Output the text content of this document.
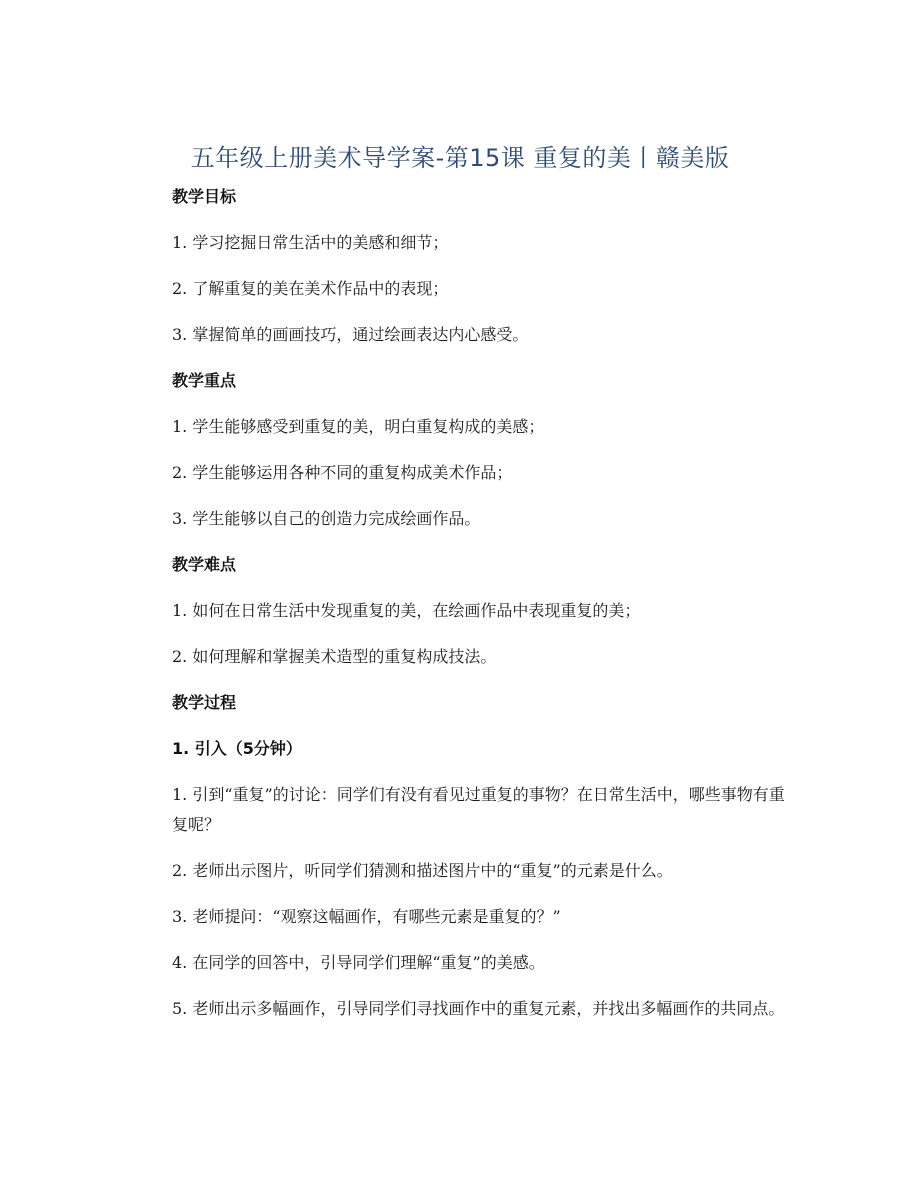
五年级上册美术导学案-第15课 重复的美丨赣美版
教学目标
1. 学习挖掘日常生活中的美感和细节；
2. 了解重复的美在美术作品中的表现；
3. 掌握简单的画画技巧，通过绘画表达内心感受。
教学重点
1. 学生能够感受到重复的美，明白重复构成的美感；
2. 学生能够运用各种不同的重复构成美术作品；
3. 学生能够以自己的创造力完成绘画作品。
教学难点
1. 如何在日常生活中发现重复的美，在绘画作品中表现重复的美；
2. 如何理解和掌握美术造型的重复构成技法。
教学过程
1. 引入（5分钟）
1. 引到“重复”的讨论：同学们有没有看见过重复的事物？在日常生活中，哪些事物有重复呢？
2. 老师出示图片，听同学们猜测和描述图片中的“重复”的元素是什么。
3. 老师提问：“观察这幅画作，有哪些元素是重复的？”
4. 在同学的回答中，引导同学们理解“重复”的美感。
5. 老师出示多幅画作，引导同学们寻找画作中的重复元素，并找出多幅画作的共同点。
